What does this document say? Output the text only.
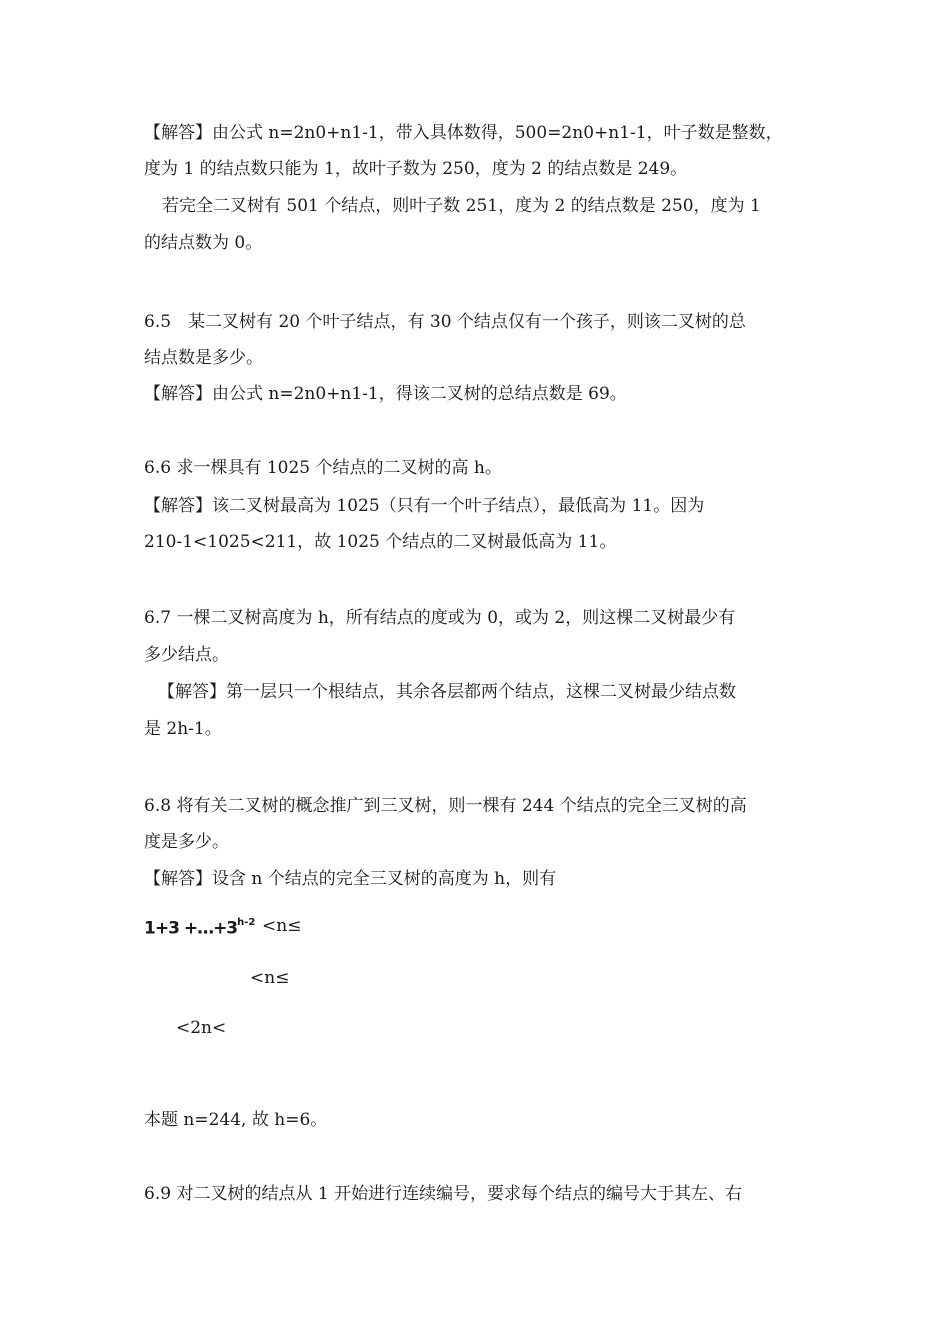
【解答】由公式 n=2n0+n1-1，带入具体数得，500=2n0+n1-1，叶子数是整数，
度为 1 的结点数只能为 1，故叶子数为 250，度为 2 的结点数是 249。
若完全二叉树有 501 个结点，则叶子数 251，度为 2 的结点数是 250，度为 1
的结点数为 0。
6.5　某二叉树有 20 个叶子结点，有 30 个结点仅有一个孩子，则该二叉树的总
结点数是多少。
【解答】由公式 n=2n0+n1-1，得该二叉树的总结点数是 69。
6.6 求一棵具有 1025 个结点的二叉树的高 h。
【解答】该二叉树最高为 1025（只有一个叶子结点），最低高为 11。因为
210-1<1025<211，故 1025 个结点的二叉树最低高为 11。
6.7 一棵二叉树高度为 h，所有结点的度或为 0，或为 2，则这棵二叉树最少有
多少结点。
【解答】第一层只一个根结点，其余各层都两个结点，这棵二叉树最少结点数
是 2h-1。
6.8 将有关二叉树的概念推广到三叉树，则一棵有 244 个结点的完全三叉树的高
度是多少。
【解答】设含 n 个结点的完全三叉树的高度为 h，则有
$1+3 +\dots+3^{h-2} <n\le$
<n≤
<2n<
本题 n=244, 故 h=6。
6.9 对二叉树的结点从 1 开始进行连续编号，要求每个结点的编号大于其左、右
